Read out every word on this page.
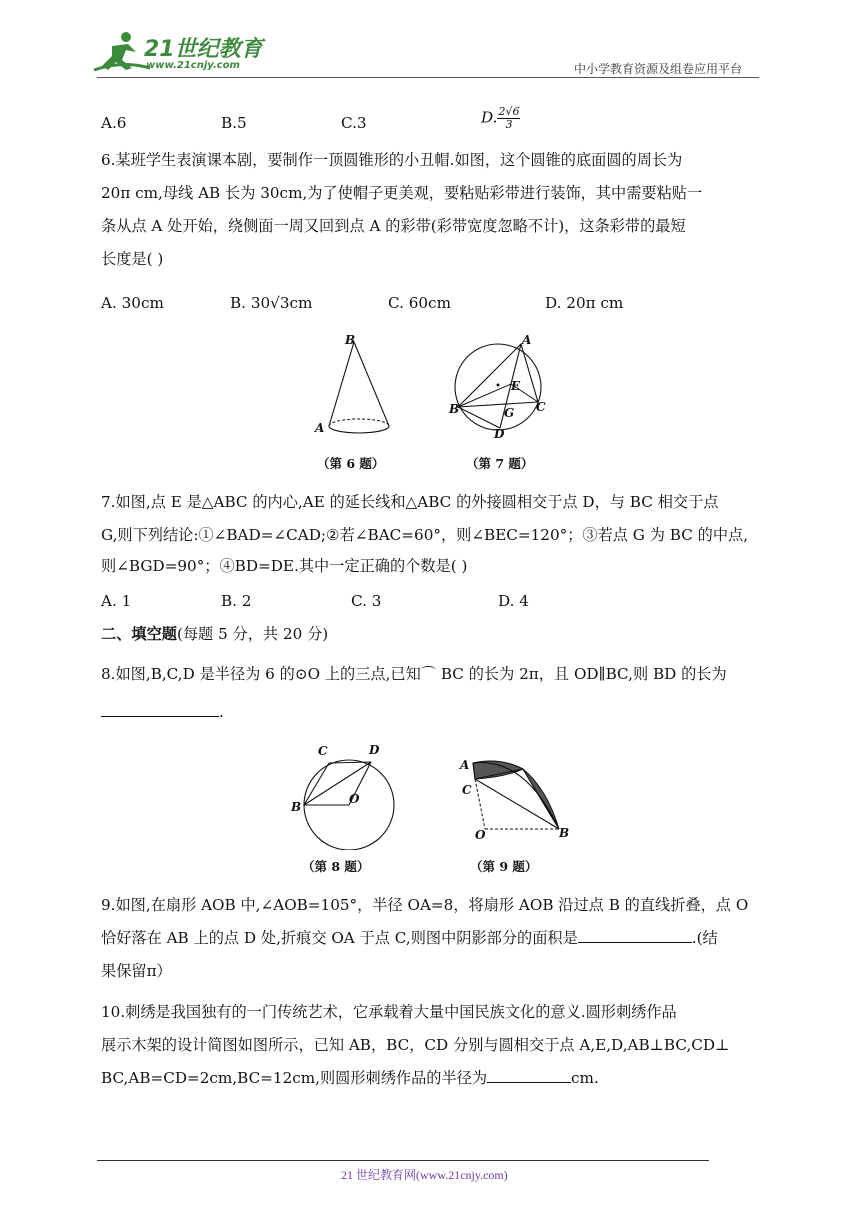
21世纪教育
www.21cnjy.com	中小学教育资源及组卷应用平台
A.6	B.5	C.3	D. $\frac{2√6}{3}$
6.某班学生表演课本剧，要制作一顶圆锥形的小丑帽.如图，这个圆锥的底面圆的周长为
20π cm,母线 AB 长为 30cm,为了使帽子更美观，要粘贴彩带进行装饰，其中需要粘贴一
条从点 A 处开始，绕侧面一周又回到点 A 的彩带(彩带宽度忽略不计)，这条彩带的最短
长度是( )
A. 30cm	B. 30√3cm	C. 60cm	D. 20π cm
B
A
（第 6 题）
A
E
B	G C
D
（第 7 题）
7.如图,点 E 是△ABC 的内心,AE 的延长线和△ABC 的外接圆相交于点 D，与 BC 相交于点
G,则下列结论:①∠BAD=∠CAD;②若∠BAC=60°，则∠BEC=120°；③若点 G 为 BC 的中点,
则∠BGD=90°；④BD=DE.其中一定正确的个数是( )
A. 1	B. 2	C. 3	D. 4
二、填空题(每题 5 分，共 20 分)
8.如图,B,C,D 是半径为 6 的⊙O 上的三点,已知⌒ BC 的长为 2π，且 OD∥BC,则 BD 的长为
.
C	D
B
O
（第 8 题）
A
C
O	B
（第 9 题）
9.如图,在扇形 AOB 中,∠AOB=105°，半径 OA=8，将扇形 AOB 沿过点 B 的直线折叠，点 O
恰好落在 AB 上的点 D 处,折痕交 OA 于点 C,则图中阴影部分的面积是	.(结
果保留π）
10.刺绣是我国独有的一门传统艺术，它承载着大量中国民族文化的意义.圆形刺绣作品
展示木架的设计简图如图所示，已知 AB，BC，CD 分别与圆相交于点 A,E,D,AB⊥BC,CD⊥
BC,AB=CD=2cm,BC=12cm,则圆形刺绣作品的半径为	cm.
21 世纪教育网(www.21cnjy.com)
